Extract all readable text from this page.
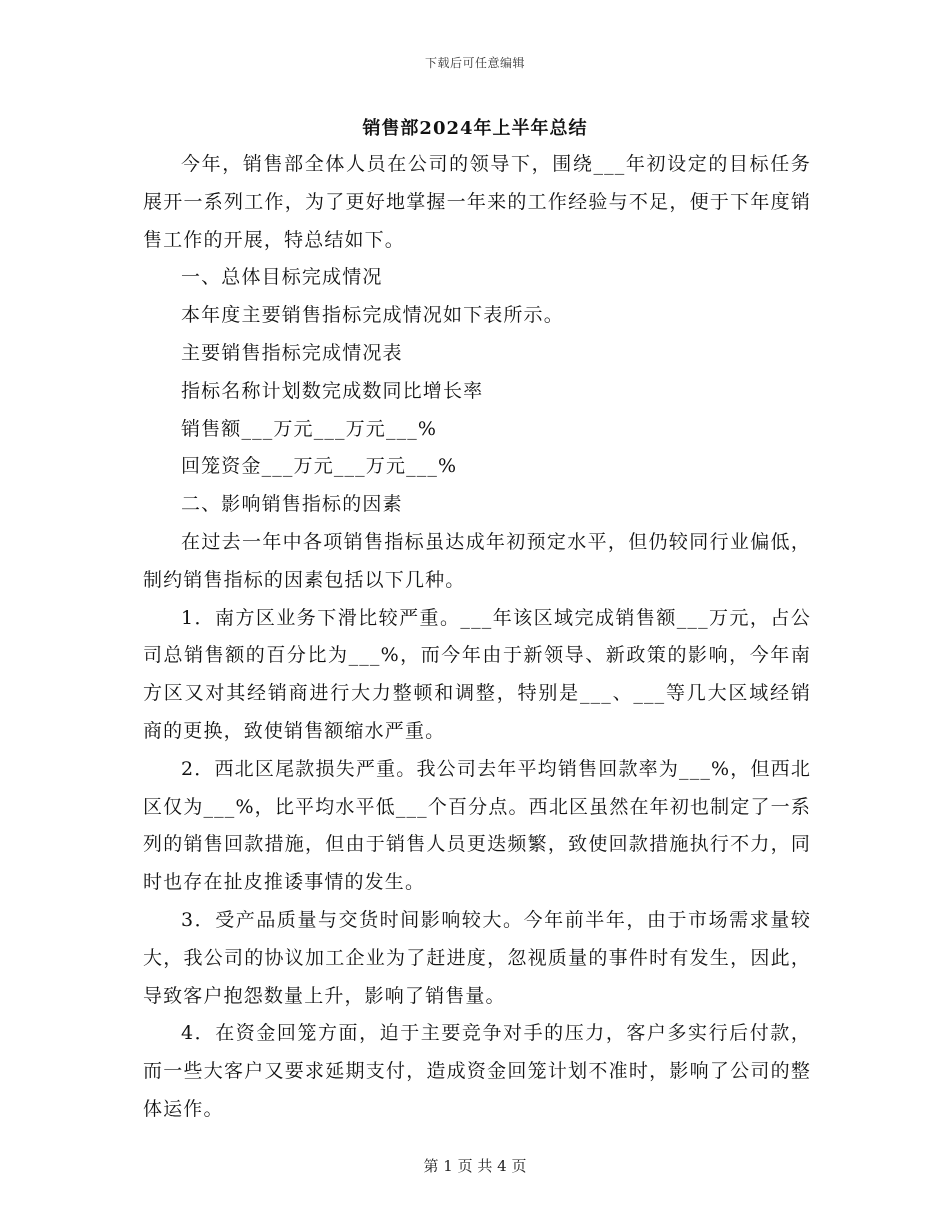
下载后可任意编辑
销售部2024年上半年总结

今年，销售部全体人员在公司的领导下，围绕___年初设定的目标任务展开一系列工作，为了更好地掌握一年来的工作经验与不足，便于下年度销售工作的开展，特总结如下。

一、总体目标完成情况

本年度主要销售指标完成情况如下表所示。

主要销售指标完成情况表

指标名称计划数完成数同比增长率

销售额___万元___万元___%

回笼资金___万元___万元___%

二、影响销售指标的因素

在过去一年中各项销售指标虽达成年初预定水平，但仍较同行业偏低，制约销售指标的因素包括以下几种。

1．南方区业务下滑比较严重。___年该区域完成销售额___万元，占公司总销售额的百分比为___%，而今年由于新领导、新政策的影响，今年南方区又对其经销商进行大力整顿和调整，特别是___、___等几大区域经销商的更换，致使销售额缩水严重。

2．西北区尾款损失严重。我公司去年平均销售回款率为___%，但西北区仅为___%，比平均水平低___个百分点。西北区虽然在年初也制定了一系列的销售回款措施，但由于销售人员更迭频繁，致使回款措施执行不力，同时也存在扯皮推诿事情的发生。

3．受产品质量与交货时间影响较大。今年前半年，由于市场需求量较大，我公司的协议加工企业为了赶进度，忽视质量的事件时有发生，因此，导致客户抱怨数量上升，影响了销售量。

4．在资金回笼方面，迫于主要竞争对手的压力，客户多实行后付款，而一些大客户又要求延期支付，造成资金回笼计划不准时，影响了公司的整体运作。

第 1 页 共 4 页
